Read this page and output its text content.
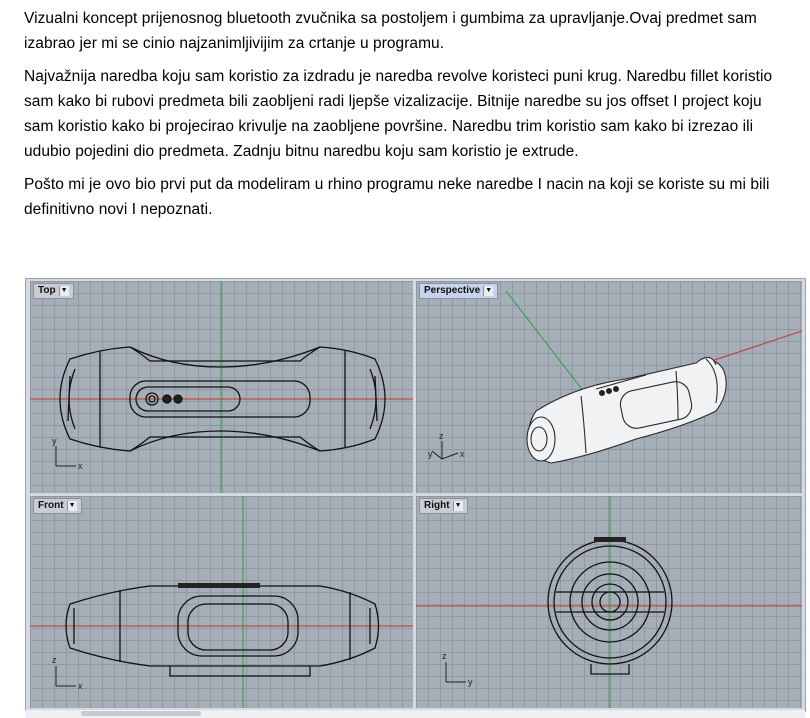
Vizualni koncept prijenosnog bluetooth zvučnika sa postoljem i gumbima za upravljanje.Ovaj predmet sam izabrao jer mi se cinio najzanimljivijim za crtanje u programu.

Najvažnija naredba koju sam koristio za izdradu je naredba revolve koristeci puni krug. Naredbu fillet koristio sam kako bi rubovi predmeta bili zaobljeni radi ljepše vizalizacije. Bitnije naredbe su jos offset I project koju sam koristio kako bi projecirao krivulje na zaobljene površine. Naredbu trim koristio sam kako bi izrezao ili udubio pojedini dio predmeta. Zadnju bitnu naredbu koju sam koristio je extrude.

Pošto mi je ovo bio prvi put da modeliram u rhino programu neke naredbe I nacin na koji se koriste su mi bili definitivno novi I nepoznati.

x
y
Top ▼
x
y
z
Perspective ▼
x
z
Front ▼
y
z
Right ▼
